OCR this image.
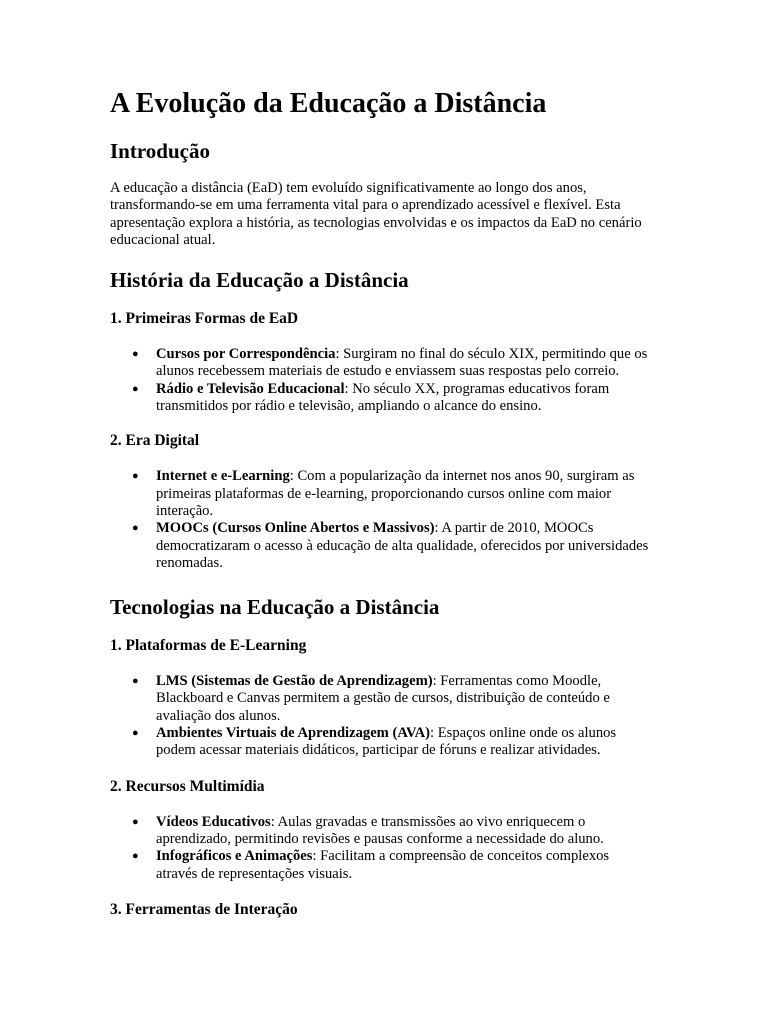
A Evolução da Educação a Distância
Introdução

A educação a distância (EaD) tem evoluído significativamente ao longo dos anos, transformando-se em uma ferramenta vital para o aprendizado acessível e flexível. Esta apresentação explora a história, as tecnologias envolvidas e os impactos da EaD no cenário educacional atual.

História da Educação a Distância
1. Primeiras Formas de EaD
● Cursos por Correspondência: Surgiram no final do século XIX, permitindo que os alunos recebessem materiais de estudo e enviassem suas respostas pelo correio.
● Rádio e Televisão Educacional: No século XX, programas educativos foram transmitidos por rádio e televisão, ampliando o alcance do ensino.
2. Era Digital
● Internet e e-Learning: Com a popularização da internet nos anos 90, surgiram as primeiras plataformas de e-learning, proporcionando cursos online com maior interação.
● MOOCs (Cursos Online Abertos e Massivos): A partir de 2010, MOOCs democratizaram o acesso à educação de alta qualidade, oferecidos por universidades renomadas.
Tecnologias na Educação a Distância
1. Plataformas de E-Learning
● LMS (Sistemas de Gestão de Aprendizagem): Ferramentas como Moodle, Blackboard e Canvas permitem a gestão de cursos, distribuição de conteúdo e avaliação dos alunos.
● Ambientes Virtuais de Aprendizagem (AVA): Espaços online onde os alunos podem acessar materiais didáticos, participar de fóruns e realizar atividades.
2. Recursos Multimídia
● Vídeos Educativos: Aulas gravadas e transmissões ao vivo enriquecem o aprendizado, permitindo revisões e pausas conforme a necessidade do aluno.
● Infográficos e Animações: Facilitam a compreensão de conceitos complexos através de representações visuais.
3. Ferramentas de Interação
